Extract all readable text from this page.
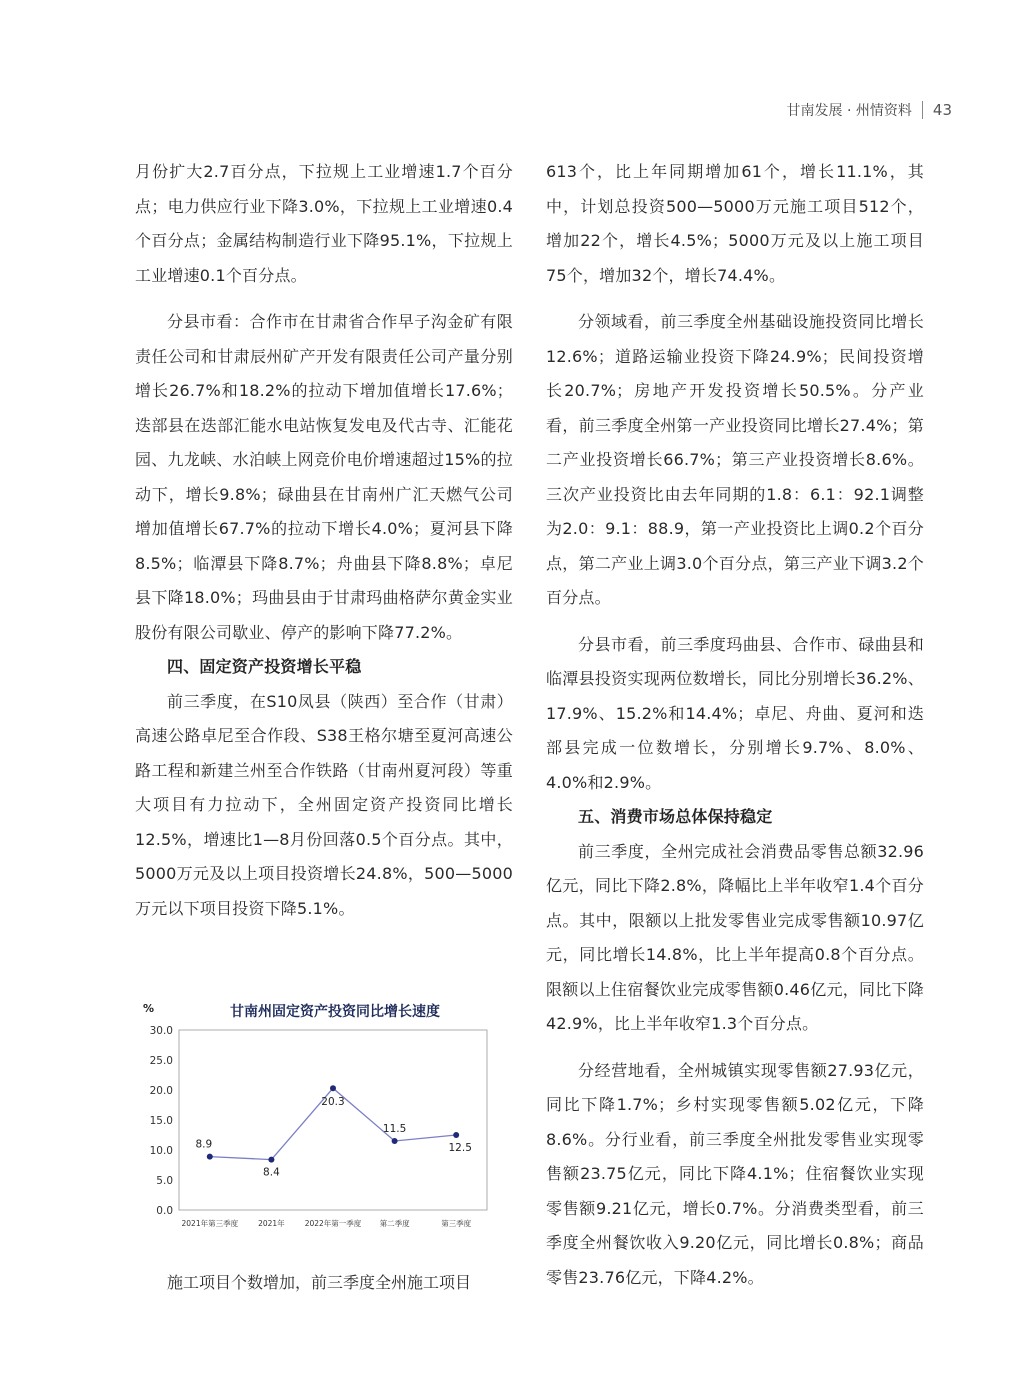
甘南发展 · 州情资料 43

月份扩大2.7百分点，下拉规上工业增速1.7个百分点；电力供应行业下降3.0%，下拉规上工业增速0.4个百分点；金属结构制造行业下降95.1%，下拉规上工业增速0.1个百分点。

分县市看：合作市在甘肃省合作早子沟金矿有限责任公司和甘肃辰州矿产开发有限责任公司产量分别增长26.7%和18.2%的拉动下增加值增长17.6%；迭部县在迭部汇能水电站恢复发电及代古寺、汇能花园、九龙峡、水泊峡上网竞价电价增速超过15%的拉动下，增长9.8%；碌曲县在甘南州广汇天燃气公司增加值增长67.7%的拉动下增长4.0%；夏河县下降8.5%；临潭县下降8.7%；舟曲县下降8.8%；卓尼县下降18.0%；玛曲县由于甘肃玛曲格萨尔黄金实业股份有限公司歇业、停产的影响下降77.2%。

四、固定资产投资增长平稳

前三季度，在S10凤县（陕西）至合作（甘肃）高速公路卓尼至合作段、S38王格尔塘至夏河高速公路工程和新建兰州至合作铁路（甘南州夏河段）等重大项目有力拉动下，全州固定资产投资同比增长12.5%，增速比1—8月份回落0.5个百分点。其中，5000万元及以上项目投资增长24.8%，500—5000万元以下项目投资下降5.1%。

%	甘南州固定资产投资同比增长速度
0.0
5.0
10.0
15.0
20.0
25.0
30.0
2021年第三季度	2021年	2022年第一季度 第二季度	第三季度
8.9
8.4
20.3
11.5
12.5
施工项目个数增加，前三季度全州施工项目

613个，比上年同期增加61个，增长11.1%，其中，计划总投资500—5000万元施工项目512个，增加22个，增长4.5%；5000万元及以上施工项目75个，增加32个，增长74.4%。

分领域看，前三季度全州基础设施投资同比增长12.6%；道路运输业投资下降24.9%；民间投资增长20.7%；房地产开发投资增长50.5%。分产业看，前三季度全州第一产业投资同比增长27.4%；第二产业投资增长66.7%；第三产业投资增长8.6%。三次产业投资比由去年同期的1.8：6.1：92.1调整为2.0：9.1：88.9，第一产业投资比上调0.2个百分点，第二产业上调3.0个百分点，第三产业下调3.2个百分点。

分县市看，前三季度玛曲县、合作市、碌曲县和临潭县投资实现两位数增长，同比分别增长36.2%、17.9%、15.2%和14.4%；卓尼、舟曲、夏河和迭部县完成一位数增长，分别增长9.7%、8.0%、4.0%和2.9%。

五、消费市场总体保持稳定

前三季度，全州完成社会消费品零售总额32.96亿元，同比下降2.8%，降幅比上半年收窄1.4个百分点。其中，限额以上批发零售业完成零售额10.97亿元，同比增长14.8%，比上半年提高0.8个百分点。限额以上住宿餐饮业完成零售额0.46亿元，同比下降42.9%，比上半年收窄1.3个百分点。

分经营地看，全州城镇实现零售额27.93亿元，同比下降1.7%；乡村实现零售额5.02亿元，下降8.6%。分行业看，前三季度全州批发零售业实现零售额23.75亿元，同比下降4.1%；住宿餐饮业实现零售额9.21亿元，增长0.7%。分消费类型看，前三季度全州餐饮收入9.20亿元，同比增长0.8%；商品零售23.76亿元，下降4.2%。
